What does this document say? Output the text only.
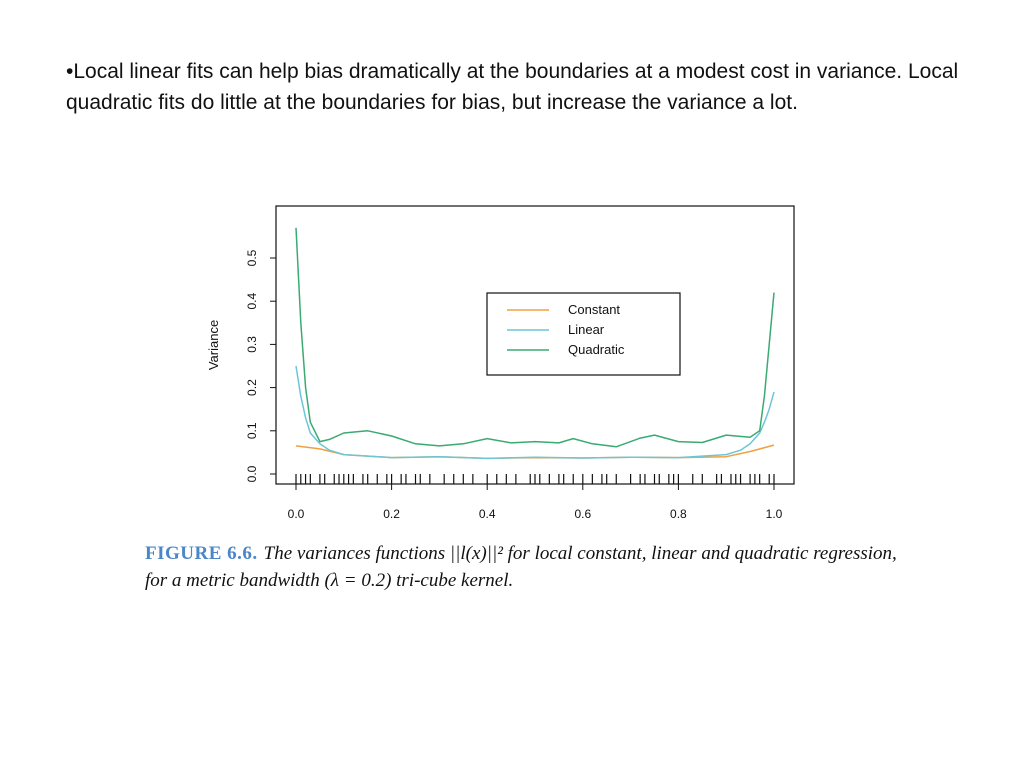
•Local linear fits can help bias dramatically at the boundaries at a modest cost in variance. Local quadratic fits do little at the boundaries for bias, but increase the variance a lot.
0.0	0.2	0.4	0.6	0.8	1.0
0.0
0.1
0.2
0.3
0.4
0.5
Variance
Constant
Linear
Quadratic
FIGURE 6.6. The variances functions ||l(x)||² for local constant, linear and quadratic regression, for a metric bandwidth (λ = 0.2) tri-cube kernel.
